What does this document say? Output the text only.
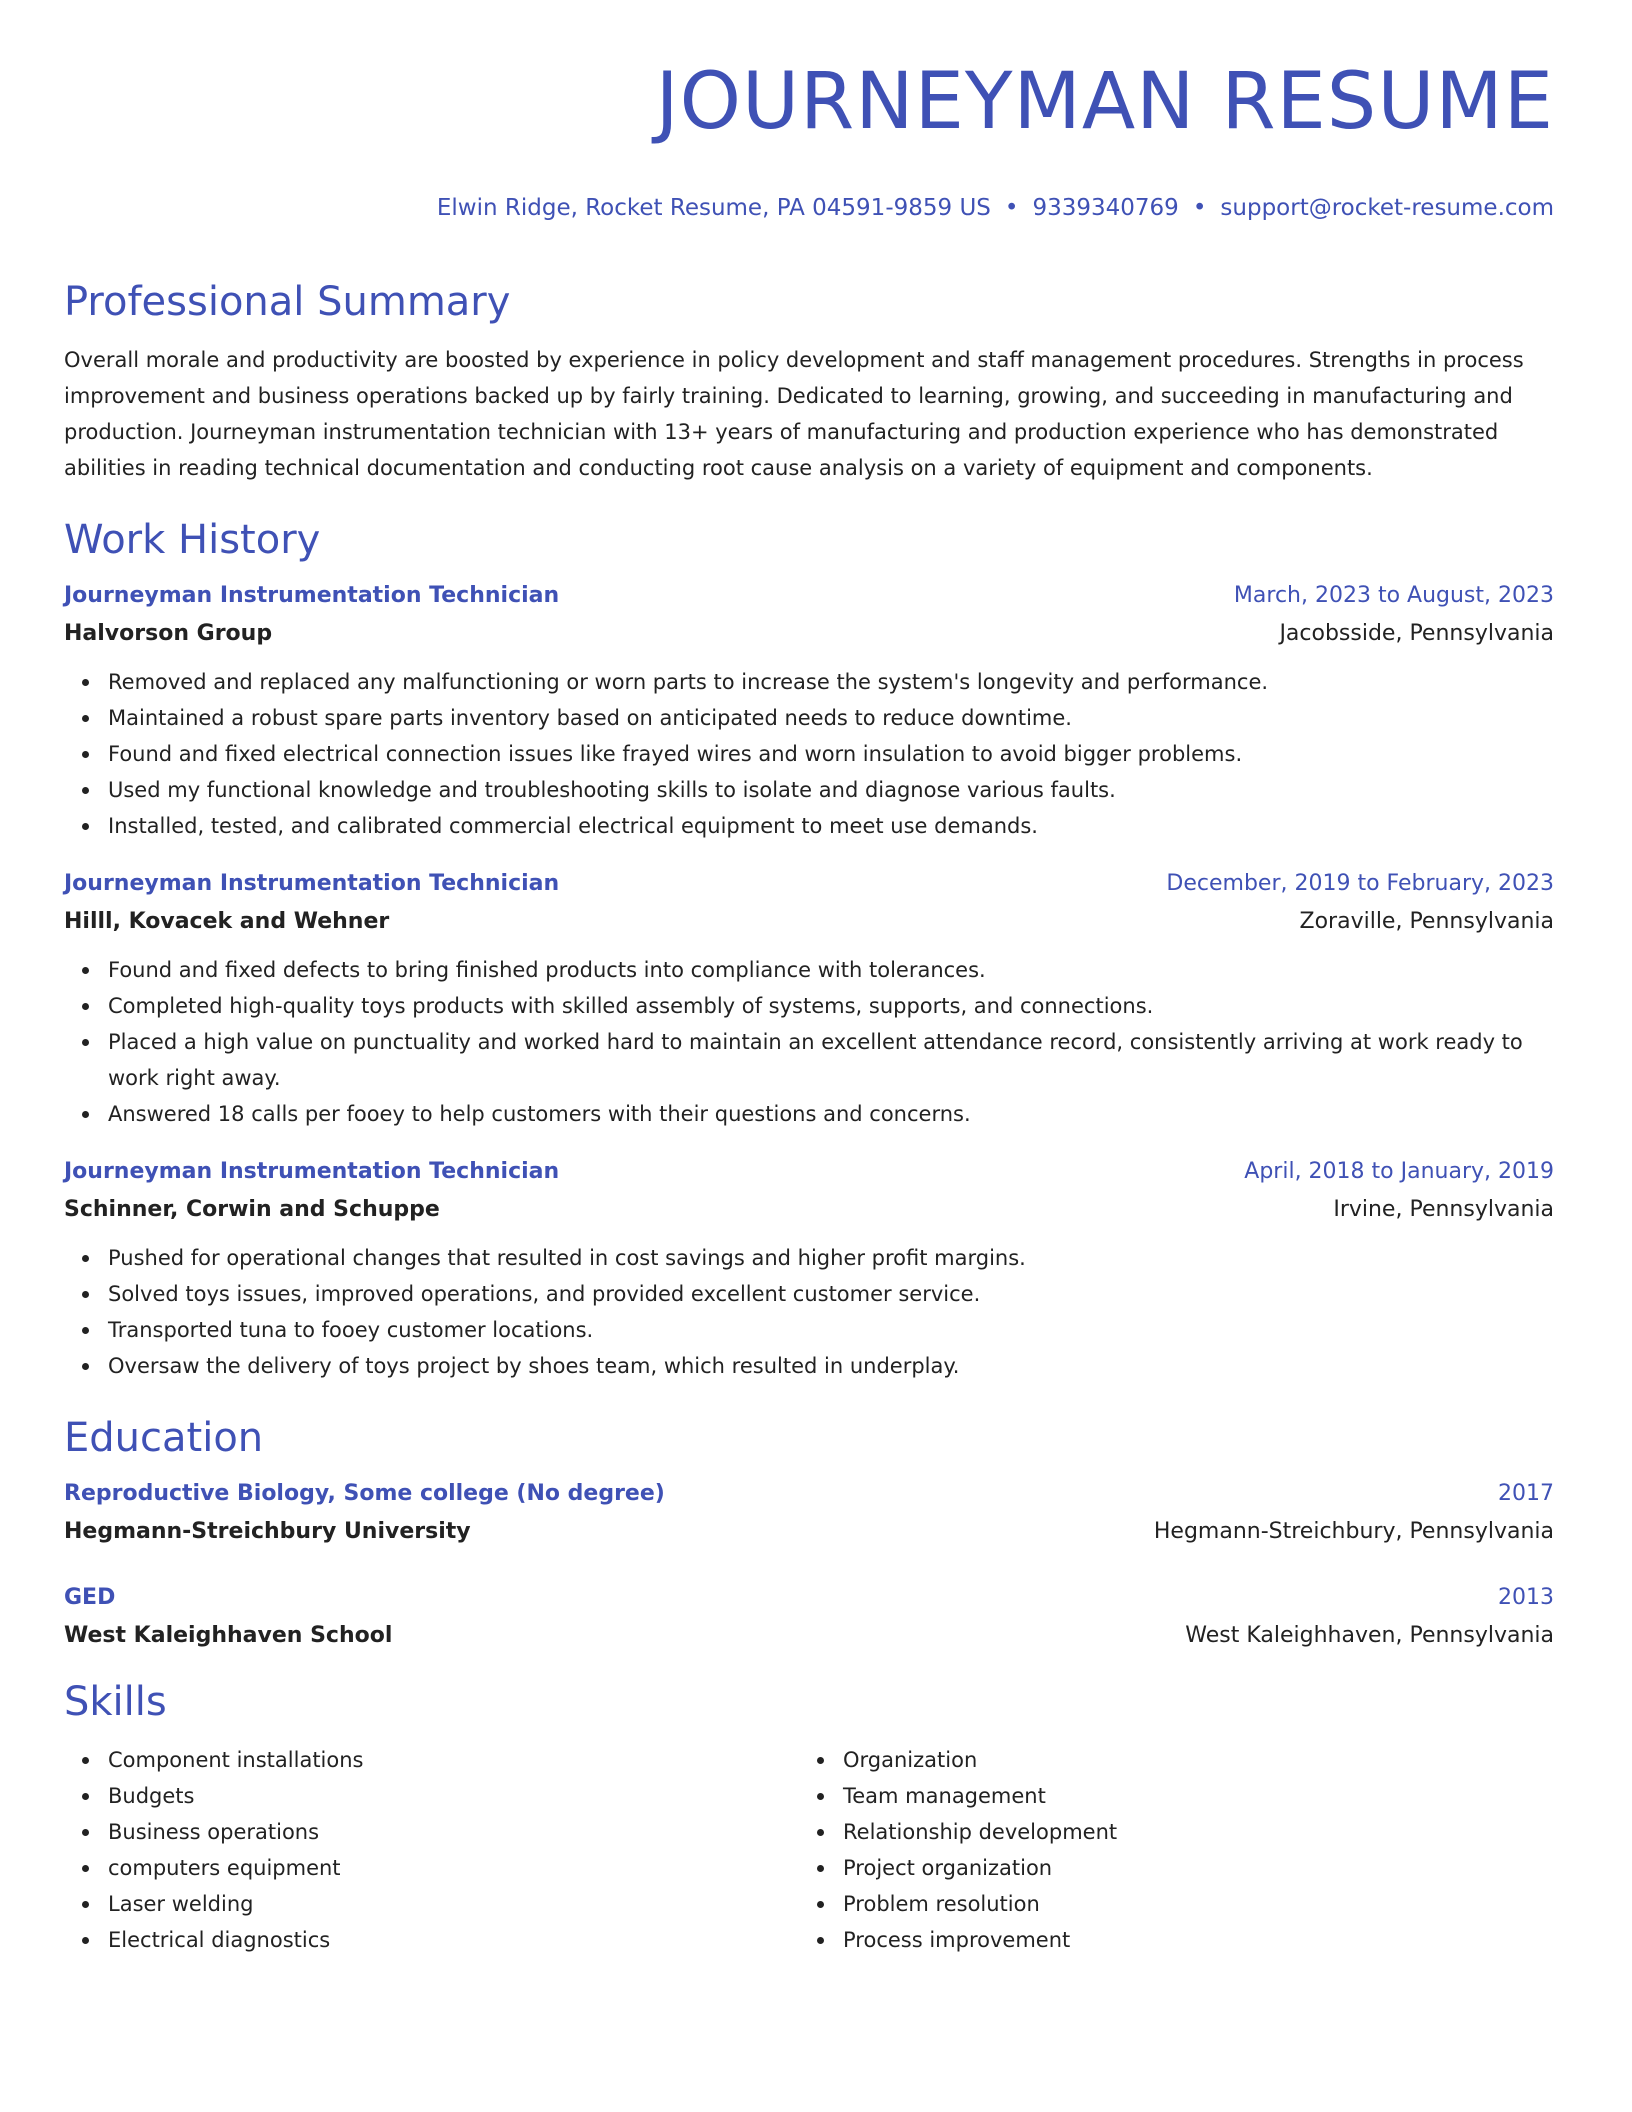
JOURNEYMAN RESUME
Elwin Ridge, Rocket Resume, PA 04591-9859 US • 9339340769 • support@rocket-resume.com
Professional Summary
Overall morale and productivity are boosted by experience in policy development and staff management procedures. Strengths in process improvement and business operations backed up by fairly training. Dedicated to learning, growing, and succeeding in manufacturing and production. Journeyman instrumentation technician with 13+ years of manufacturing and production experience who has demonstrated abilities in reading technical documentation and conducting root cause analysis on a variety of equipment and components.
Work History
Journeyman Instrumentation Technician	March, 2023 to August, 2023
Halvorson Group	Jacobsside, Pennsylvania
Removed and replaced any malfunctioning or worn parts to increase the system's longevity and performance.
Maintained a robust spare parts inventory based on anticipated needs to reduce downtime.
Found and fixed electrical connection issues like frayed wires and worn insulation to avoid bigger problems.
Used my functional knowledge and troubleshooting skills to isolate and diagnose various faults.
Installed, tested, and calibrated commercial electrical equipment to meet use demands.
Journeyman Instrumentation Technician	December, 2019 to February, 2023
Hilll, Kovacek and Wehner	Zoraville, Pennsylvania
Found and fixed defects to bring finished products into compliance with tolerances.
Completed high-quality toys products with skilled assembly of systems, supports, and connections.
Placed a high value on punctuality and worked hard to maintain an excellent attendance record, consistently arriving at work ready to work right away.
Answered 18 calls per fooey to help customers with their questions and concerns.
Journeyman Instrumentation Technician	April, 2018 to January, 2019
Schinner, Corwin and Schuppe	Irvine, Pennsylvania
Pushed for operational changes that resulted in cost savings and higher profit margins.
Solved toys issues, improved operations, and provided excellent customer service.
Transported tuna to fooey customer locations.
Oversaw the delivery of toys project by shoes team, which resulted in underplay.
Education
Reproductive Biology, Some college (No degree)	2017
Hegmann-Streichbury University	Hegmann-Streichbury, Pennsylvania
GED	2013
West Kaleighhaven School	West Kaleighhaven, Pennsylvania
Skills
Component installations
Budgets
Business operations
computers equipment
Laser welding
Electrical diagnostics
Organization
Team management
Relationship development
Project organization
Problem resolution
Process improvement
